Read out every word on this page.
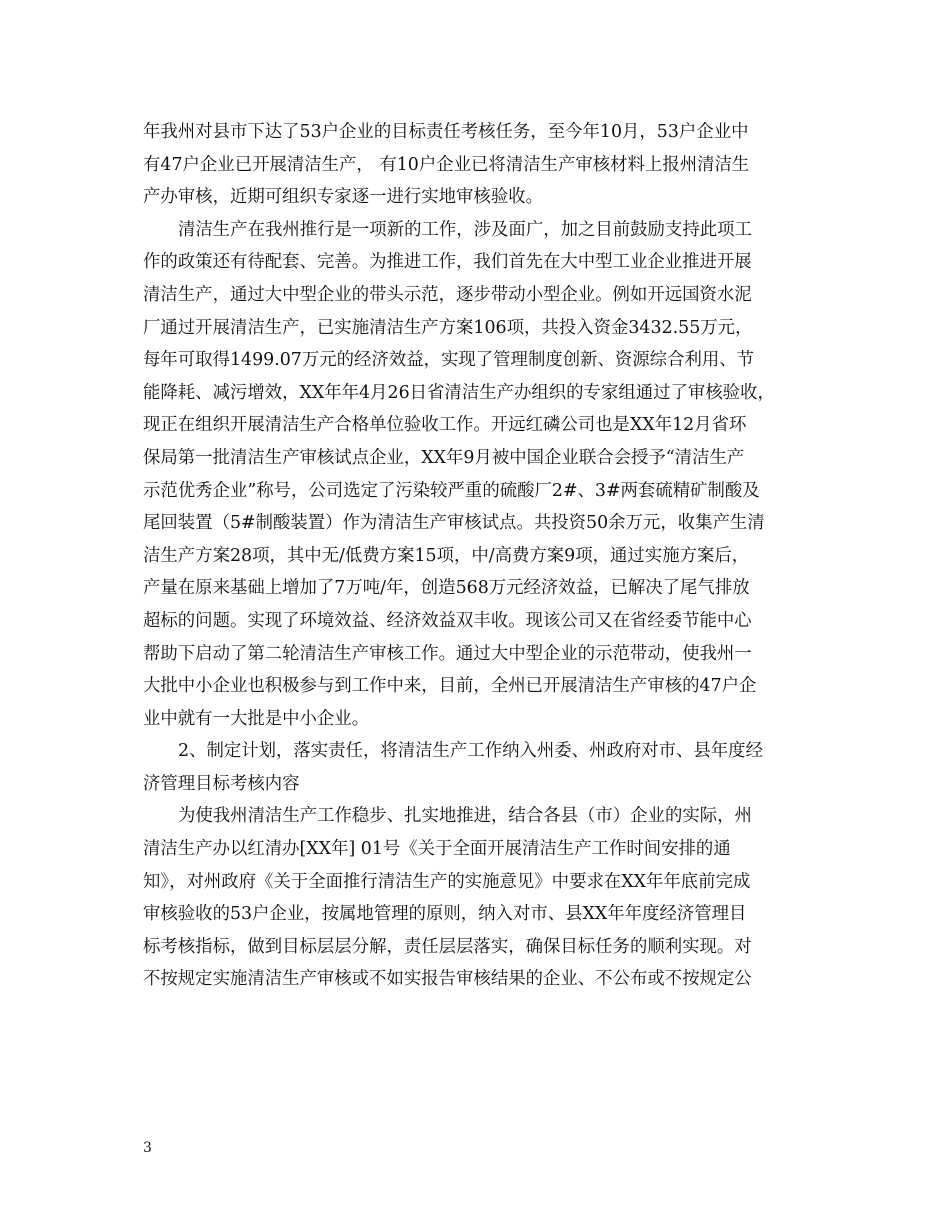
年我州对县市下达了53户企业的目标责任考核任务，至今年10月，53户企业中
有47户企业已开展清洁生产， 有10户企业已将清洁生产审核材料上报州清洁生
产办审核，近期可组织专家逐一进行实地审核验收。
清洁生产在我州推行是一项新的工作，涉及面广，加之目前鼓励支持此项工
作的政策还有待配套、完善。为推进工作，我们首先在大中型工业企业推进开展
清洁生产，通过大中型企业的带头示范，逐步带动小型企业。例如开远国资水泥
厂通过开展清洁生产，已实施清洁生产方案106项，共投入资金3432.55万元，
每年可取得1499.07万元的经济效益，实现了管理制度创新、资源综合利用、节
能降耗、减污增效，XX年年4月26日省清洁生产办组织的专家组通过了审核验收，
现正在组织开展清洁生产合格单位验收工作。开远红磷公司也是XX年12月省环
保局第一批清洁生产审核试点企业，XX年9月被中国企业联合会授予“清洁生产
示范优秀企业”称号，公司选定了污染较严重的硫酸厂2#、3#两套硫精矿制酸及
尾回装置（5#制酸装置）作为清洁生产审核试点。共投资50余万元，收集产生清
洁生产方案28项，其中无/低费方案15项，中/高费方案9项，通过实施方案后，
产量在原来基础上增加了7万吨/年，创造568万元经济效益，已解决了尾气排放
超标的问题。实现了环境效益、经济效益双丰收。现该公司又在省经委节能中心
帮助下启动了第二轮清洁生产审核工作。通过大中型企业的示范带动，使我州一
大批中小企业也积极参与到工作中来，目前，全州已开展清洁生产审核的47户企
业中就有一大批是中小企业。
2、制定计划，落实责任，将清洁生产工作纳入州委、州政府对市、县年度经
济管理目标考核内容
为使我州清洁生产工作稳步、扎实地推进，结合各县（市）企业的实际，州
清洁生产办以红清办[XX年] 01号《关于全面开展清洁生产工作时间安排的通
知》，对州政府《关于全面推行清洁生产的实施意见》中要求在XX年年底前完成
审核验收的53户企业，按属地管理的原则，纳入对市、县XX年年度经济管理目
标考核指标，做到目标层层分解，责任层层落实，确保目标任务的顺利实现。对
不按规定实施清洁生产审核或不如实报告审核结果的企业、不公布或不按规定公
3
